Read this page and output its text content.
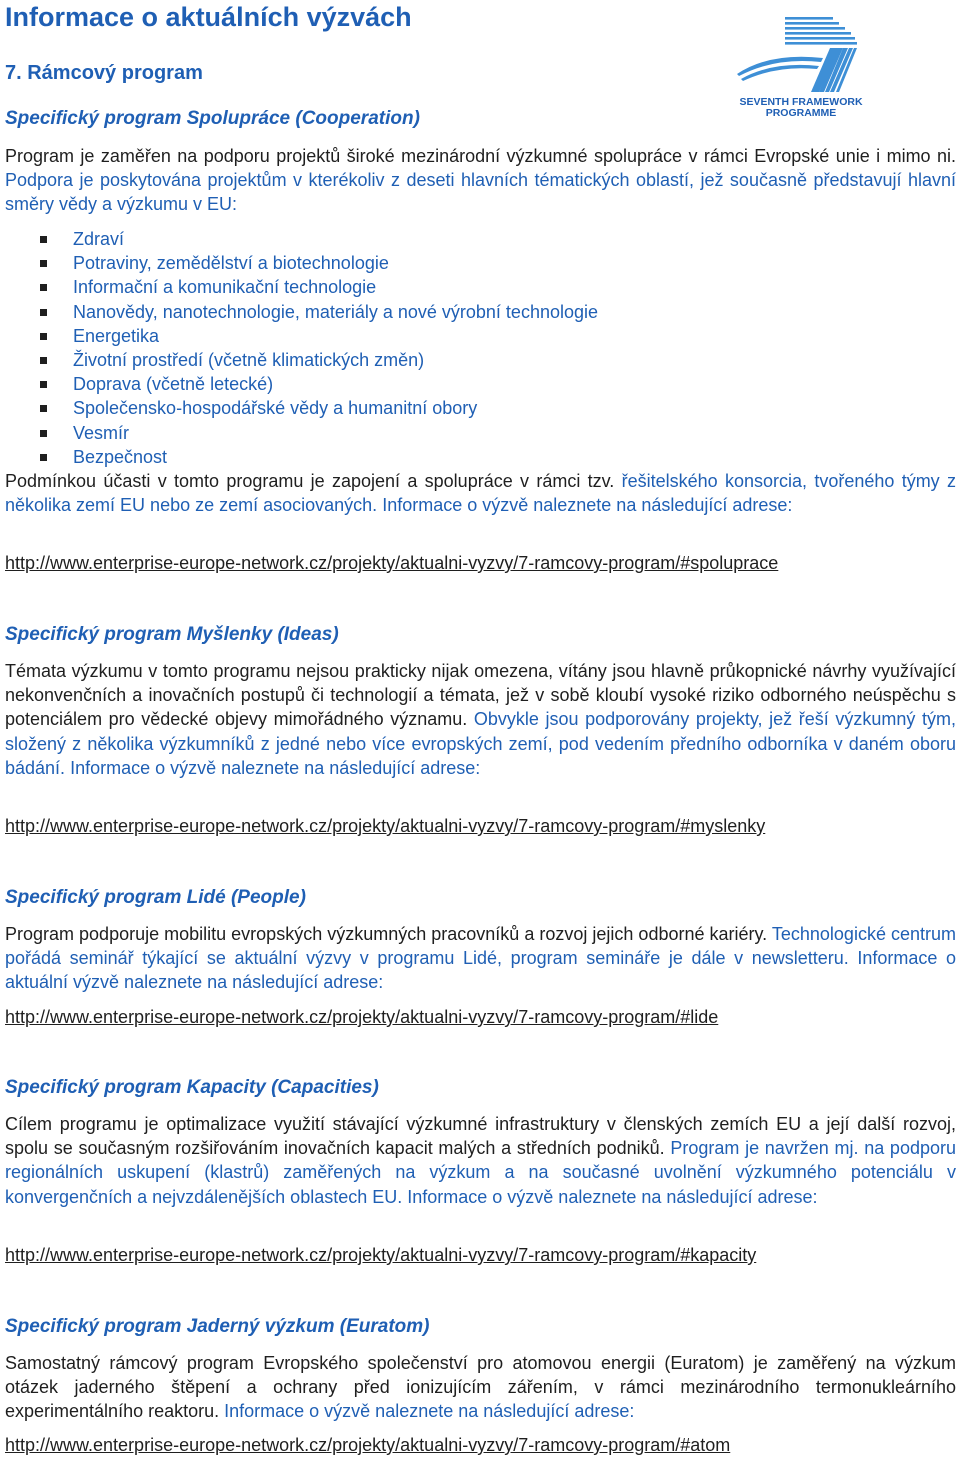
Informace o aktuálních výzvách
7. Rámcový program
SEVENTH FRAMEWORK
PROGRAMME
Specifický program Spolupráce (Cooperation)

Program je zaměřen na podporu projektů široké mezinárodní výzkumné spolupráce v rámci Evropské unie i mimo ni. Podpora je poskytována projektům v kterékoliv z deseti hlavních tématických oblastí, jež současně představují hlavní směry vědy a výzkumu v EU:

Zdraví
Potraviny, zemědělství a biotechnologie
Informační a komunikační technologie
Nanovědy, nanotechnologie, materiály a nové výrobní technologie
Energetika
Životní prostředí (včetně klimatických změn)
Doprava (včetně letecké)
Společensko-hospodářské vědy a humanitní obory
Vesmír
Bezpečnost

Podmínkou účasti v tomto programu je zapojení a spolupráce v rámci tzv. řešitelského konsorcia, tvořeného týmy z několika zemí EU nebo ze zemí asociovaných. Informace o výzvě naleznete na následující adrese:

http://www.enterprise-europe-network.cz/projekty/aktualni-vyzvy/7-ramcovy-program/#spoluprace
Specifický program Myšlenky (Ideas)

Témata výzkumu v tomto programu nejsou prakticky nijak omezena, vítány jsou hlavně průkopnické návrhy využívající nekonvenčních a inovačních postupů či technologií a témata, jež v sobě kloubí vysoké riziko odborného neúspěchu s potenciálem pro vědecké objevy mimořádného významu. Obvykle jsou podporovány projekty, jež řeší výzkumný tým, složený z několika výzkumníků z jedné nebo více evropských zemí, pod vedením předního odborníka v daném oboru bádání. Informace o výzvě naleznete na následující adrese:

http://www.enterprise-europe-network.cz/projekty/aktualni-vyzvy/7-ramcovy-program/#myslenky
Specifický program Lidé (People)

Program podporuje mobilitu evropských výzkumných pracovníků a rozvoj jejich odborné kariéry. Technologické centrum pořádá seminář týkající se aktuální výzvy v programu Lidé, program semináře je dále v newsletteru. Informace o aktuální výzvě naleznete na následující adrese:

http://www.enterprise-europe-network.cz/projekty/aktualni-vyzvy/7-ramcovy-program/#lide
Specifický program Kapacity (Capacities)

Cílem programu je optimalizace využití stávající výzkumné infrastruktury v členských zemích EU a její další rozvoj, spolu se současným rozšiřováním inovačních kapacit malých a středních podniků. Program je navržen mj. na podporu regionálních uskupení (klastrů) zaměřených na výzkum a na současné uvolnění výzkumného potenciálu v konvergenčních a nejvzdálenějších oblastech EU. Informace o výzvě naleznete na následující adrese:

http://www.enterprise-europe-network.cz/projekty/aktualni-vyzvy/7-ramcovy-program/#kapacity
Specifický program Jaderný výzkum (Euratom)

Samostatný rámcový program Evropského společenství pro atomovou energii (Euratom) je zaměřený na výzkum otázek jaderného štěpení a ochrany před ionizujícím zářením, v rámci mezinárodního termonukleárního experimentálního reaktoru. Informace o výzvě naleznete na následující adrese:

http://www.enterprise-europe-network.cz/projekty/aktualni-vyzvy/7-ramcovy-program/#atom
